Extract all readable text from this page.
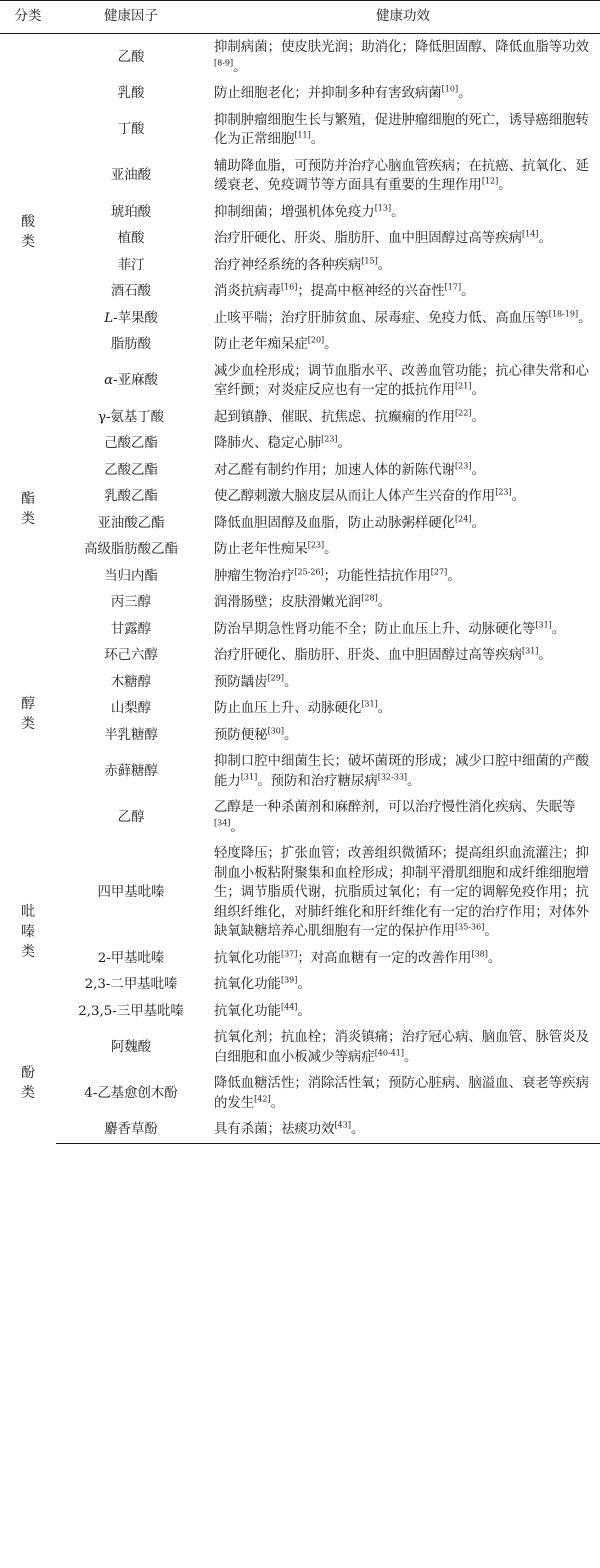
分类	健康因子	健康功效
酸类	乙酸	抑制病菌；使皮肤光润；助消化；降低胆固醇、降低血脂等功效[8-9]。
	乳酸	防止细胞老化；并抑制多种有害致病菌[10]。
	丁酸	抑制肿瘤细胞生长与繁殖，促进肿瘤细胞的死亡，诱导癌细胞转化为正常细胞[11]。
	亚油酸	辅助降血脂，可预防并治疗心脑血管疾病；在抗癌、抗氧化、延缓衰老、免疫调节等方面具有重要的生理作用[12]。
	琥珀酸	抑制细菌；增强机体免疫力[13]。
	植酸	治疗肝硬化、肝炎、脂肪肝、血中胆固醇过高等疾病[14]。
	菲汀	治疗神经系统的各种疾病[15]。
	酒石酸	消炎抗病毒[16]；提高中枢神经的兴奋性[17]。
	L-苹果酸	止咳平喘；治疗肝肺贫血、尿毒症、免疫力低、高血压等[18-19]。
	脂肪酸	防止老年痴呆症[20]。
	α-亚麻酸	减少血栓形成；调节血脂水平、改善血管功能；抗心律失常和心室纤颤；对炎症反应也有一定的抵抗作用[21]。
	γ-氨基丁酸	起到镇静、催眠、抗焦虑、抗癫痫的作用[22]。
酯类	己酸乙酯	降肺火、稳定心肺[23]。
	乙酸乙酯	对乙醛有制约作用；加速人体的新陈代谢[23]。
	乳酸乙酯	使乙醇刺激大脑皮层从而让人体产生兴奋的作用[23]。
	亚油酸乙酯	降低血胆固醇及血脂，防止动脉粥样硬化[24]。
	高级脂肪酸乙酯	防止老年性痴呆[23]。
	当归内酯	肿瘤生物治疗[25-26]；功能性拮抗作用[27]。
醇类	丙三醇	润滑肠壁；皮肤滑嫩光润[28]。
	甘露醇	防治早期急性肾功能不全；防止血压上升、动脉硬化等[31]。
	环己六醇	治疗肝硬化、脂肪肝、肝炎、血中胆固醇过高等疾病[31]。
	木糖醇	预防龋齿[29]。
	山梨醇	防止血压上升、动脉硬化[31]。
	半乳糖醇	预防便秘[30]。
	赤藓糖醇	抑制口腔中细菌生长；破坏菌斑的形成；减少口腔中细菌的产酸能力[31]。预防和治疗糖尿病[32-33]。
	乙醇	乙醇是一种杀菌剂和麻醉剂，可以治疗慢性消化疾病、失眠等[34]。
吡嗪类	四甲基吡嗪	轻度降压；扩张血管；改善组织微循环；提高组织血流灌注；抑制血小板粘附聚集和血栓形成；抑制平滑肌细胞和成纤维细胞增生；调节脂质代谢，抗脂质过氧化；有一定的调解免疫作用；抗组织纤维化，对肺纤维化和肝纤维化有一定的治疗作用；对体外缺氧缺糖培养心肌细胞有一定的保护作用[35-36]。
	2-甲基吡嗪	抗氧化功能[37]；对高血糖有一定的改善作用[38]。
	2,3-二甲基吡嗪	抗氧化功能[39]。
	2,3,5-三甲基吡嗪	抗氧化功能[44]。
酚类	阿魏酸	抗氧化剂；抗血栓；消炎镇痛；治疗冠心病、脑血管、脉管炎及白细胞和血小板减少等病症[40-41]。
	4-乙基愈创木酚	降低血糖活性；消除活性氧；预防心脏病、脑溢血、衰老等疾病的发生[42]。
	麝香草酚	具有杀菌；祛痰功效[43]。
